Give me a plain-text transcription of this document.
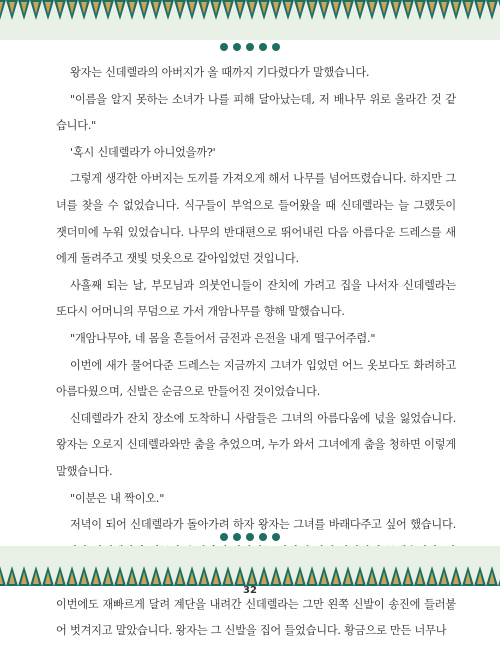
왕자는 신데렐라의 아버지가 올 때까지 기다렸다가 말했습니다.

"이름을 알지 못하는 소녀가 나를 피해 달아났는데, 저 배나무 위로 올라간 것 같습니다."

'혹시 신데렐라가 아니었을까?'

그렇게 생각한 아버지는 도끼를 가져오게 해서 나무를 넘어뜨렸습니다. 하지만 그녀를 찾을 수 없었습니다. 식구들이 부엌으로 들어왔을 때 신데렐라는 늘 그랬듯이 잿더미에 누워 있었습니다. 나무의 반대편으로 뛰어내린 다음 아름다운 드레스를 새에게 돌려주고 잿빛 덧옷으로 갈아입었던 것입니다.

사흘째 되는 날, 부모님과 의붓언니들이 잔치에 가려고 집을 나서자 신데렐라는 또다시 어머니의 무덤으로 가서 개암나무를 향해 말했습니다.

"개암나무야, 네 몸을 흔들어서 금전과 은전을 내게 떨구어주렴."

이번에 새가 물어다준 드레스는 지금까지 그녀가 입었던 어느 옷보다도 화려하고 아름다웠으며, 신발은 순금으로 만들어진 것이었습니다.

신데렐라가 잔치 장소에 도착하니 사람들은 그녀의 아름다움에 넋을 잃었습니다. 왕자는 오로지 신데렐라와만 춤을 추었으며, 누가 와서 그녀에게 춤을 청하면 이렇게 말했습니다.

"이분은 내 짝이오."

저녁이 되어 신데렐라가 돌아가려 하자 왕자는 그녀를 바래다주고 싶어 했습니다. 이번에도 재빠르게 달려 계단을 내려간 신데렐라는 그만 왼쪽 신발이 송진에 들러붙어 벗겨지고 말았습니다. 왕자는 그 신발을 집어 들었습니다. 황금으로 만든 너무나

32
